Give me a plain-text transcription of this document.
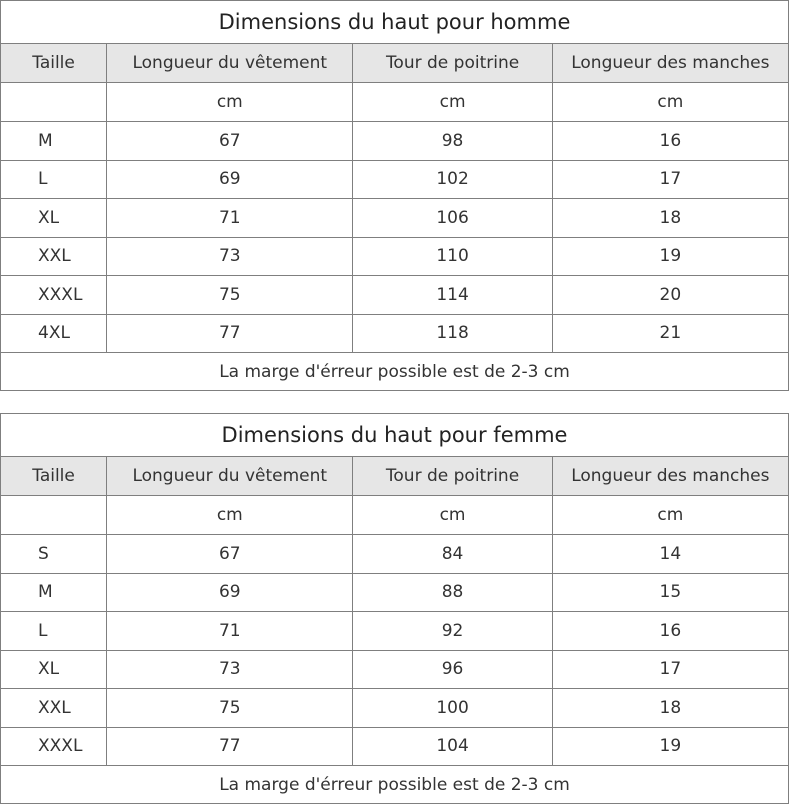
Dimensions du haut pour homme			
Taille	Longueur du vêtement	Tour de poitrine	Longueur des manches
	cm	cm	cm
M	67	98	16
L	69	102	17
XL	71	106	18
XXL	73	110	19
XXXL	75	114	20
4XL	77	118	21
La marge d'érreur possible est de 2-3 cm			
Dimensions du haut pour femme			
Taille	Longueur du vêtement	Tour de poitrine	Longueur des manches
	cm	cm	cm
S	67	84	14
M	69	88	15
L	71	92	16
XL	73	96	17
XXL	75	100	18
XXXL	77	104	19
La marge d'érreur possible est de 2-3 cm			
